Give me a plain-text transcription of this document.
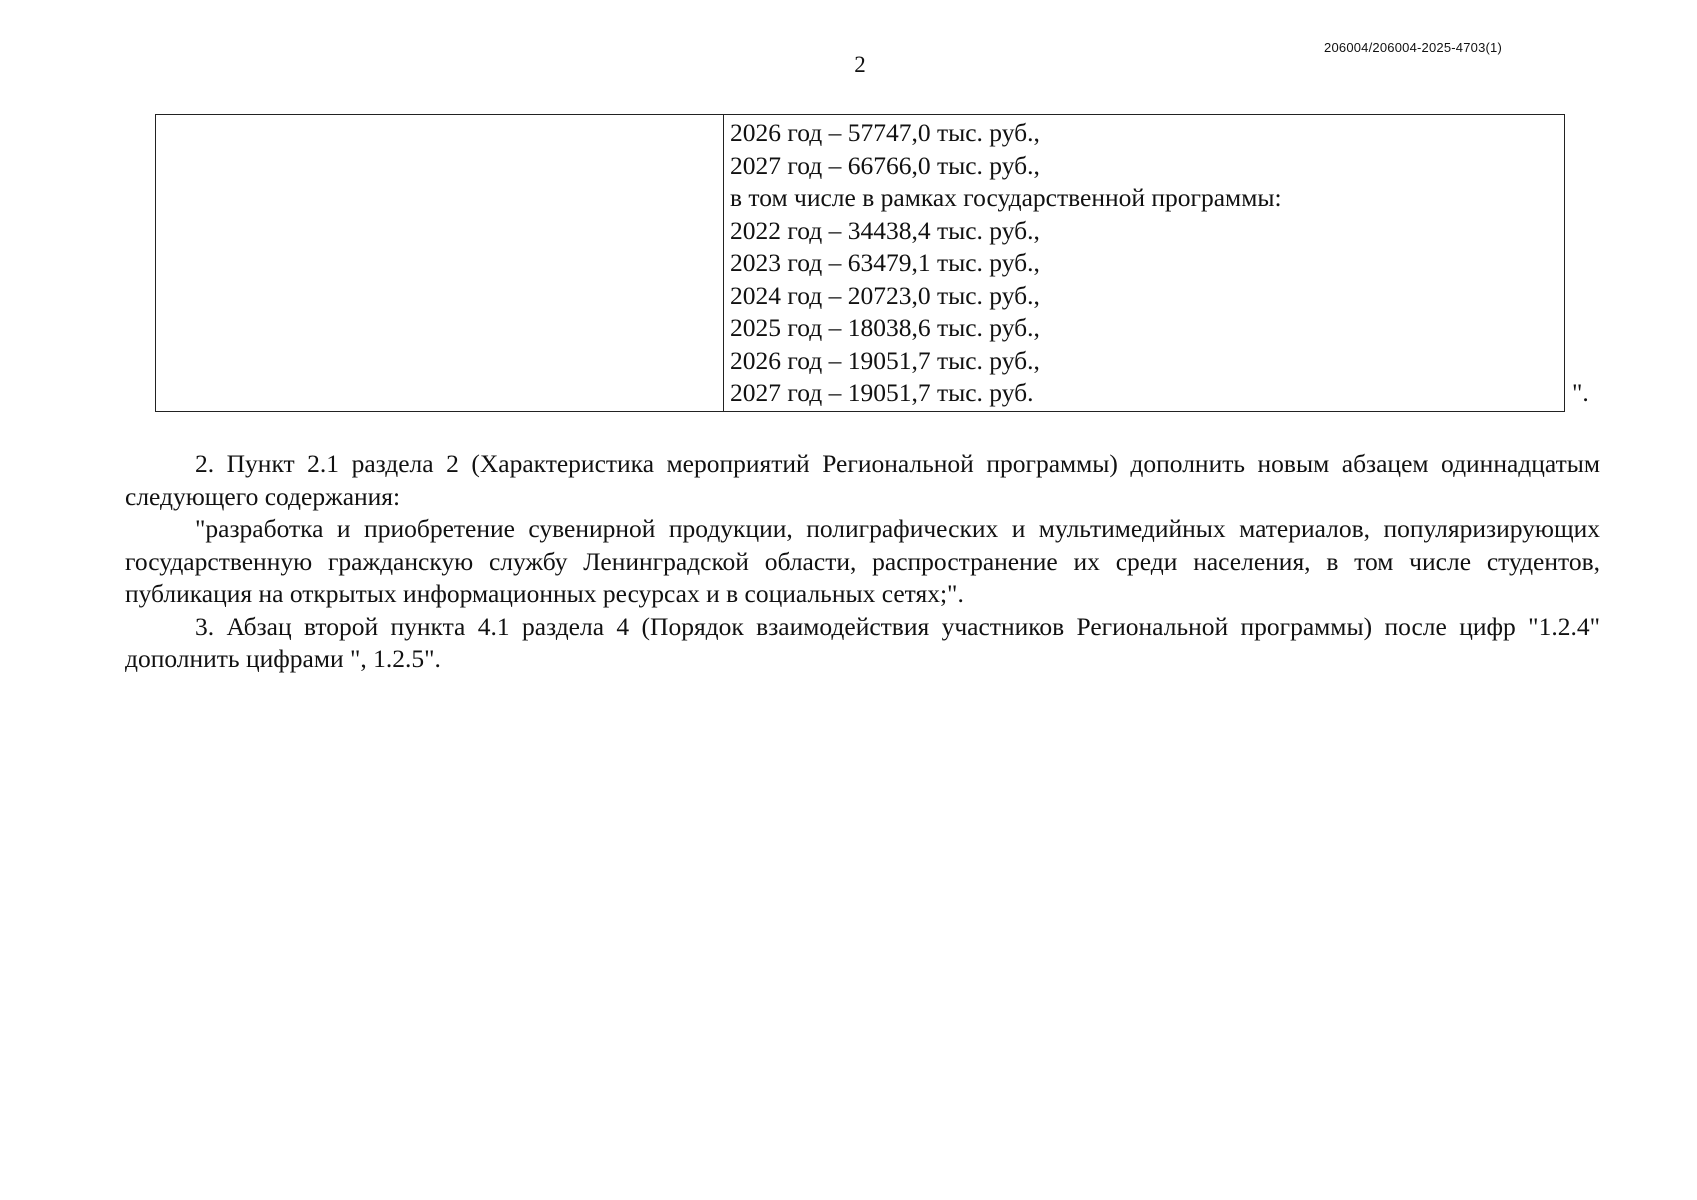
2
206004/206004-2025-4703(1)
2026 год – 57747,0 тыс. руб.,
2027 год – 66766,0 тыс. руб.,
в том числе в рамках государственной программы:
2022 год – 34438,4 тыс. руб.,
2023 год – 63479,1 тыс. руб.,
2024 год – 20723,0 тыс. руб.,
2025 год – 18038,6 тыс. руб.,
2026 год – 19051,7 тыс. руб.,
2027 год – 19051,7 тыс. руб.	".

2. Пункт 2.1 раздела 2 (Характеристика мероприятий Региональной программы) дополнить новым абзацем одиннадцатым следующего содержания:

"разработка и приобретение сувенирной продукции, полиграфических и мультимедийных материалов, популяризирующих государственную гражданскую службу Ленинградской области, распространение их среди населения, в том числе студентов, публикация на открытых информационных ресурсах и в социальных сетях;".

3. Абзац второй пункта 4.1 раздела 4 (Порядок взаимодействия участников Региональной программы) после цифр "1.2.4" дополнить цифрами ", 1.2.5".
